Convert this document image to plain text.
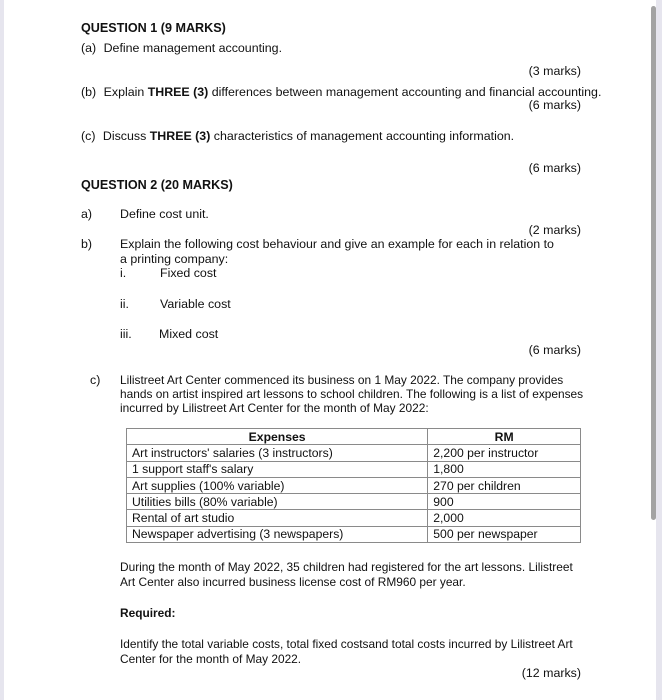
QUESTION 1 (9 MARKS)
(a) Define management accounting.
(3 marks)
(b) Explain THREE (3) differences between management accounting and financial accounting.
(6 marks)
(c) Discuss THREE (3) characteristics of management accounting information.
(6 marks)
QUESTION 2 (20 MARKS)
a) Define cost unit.
(2 marks)
b) Explain the following cost behaviour and give an example for each in relation to
a printing company:
i.	Fixed cost
ii.	Variable cost
iii. Mixed cost
(6 marks)
c) Lilistreet Art Center commenced its business on 1 May 2022. The company provides
hands on artist inspired art lessons to school children. The following is a list of expenses
incurred by Lilistreet Art Center for the month of May 2022:
Expenses	RM
Art instructors' salaries (3 instructors)	2,200 per instructor
1 support staff's salary	1,800
Art supplies (100% variable)	270 per children
Utilities bills (80% variable)	900
Rental of art studio	2,000
Newspaper advertising (3 newspapers)	500 per newspaper
During the month of May 2022, 35 children had registered for the art lessons. Lilistreet
Art Center also incurred business license cost of RM960 per year.
Required:
Identify the total variable costs, total fixed costsand total costs incurred by Lilistreet Art
Center for the month of May 2022.
(12 marks)
